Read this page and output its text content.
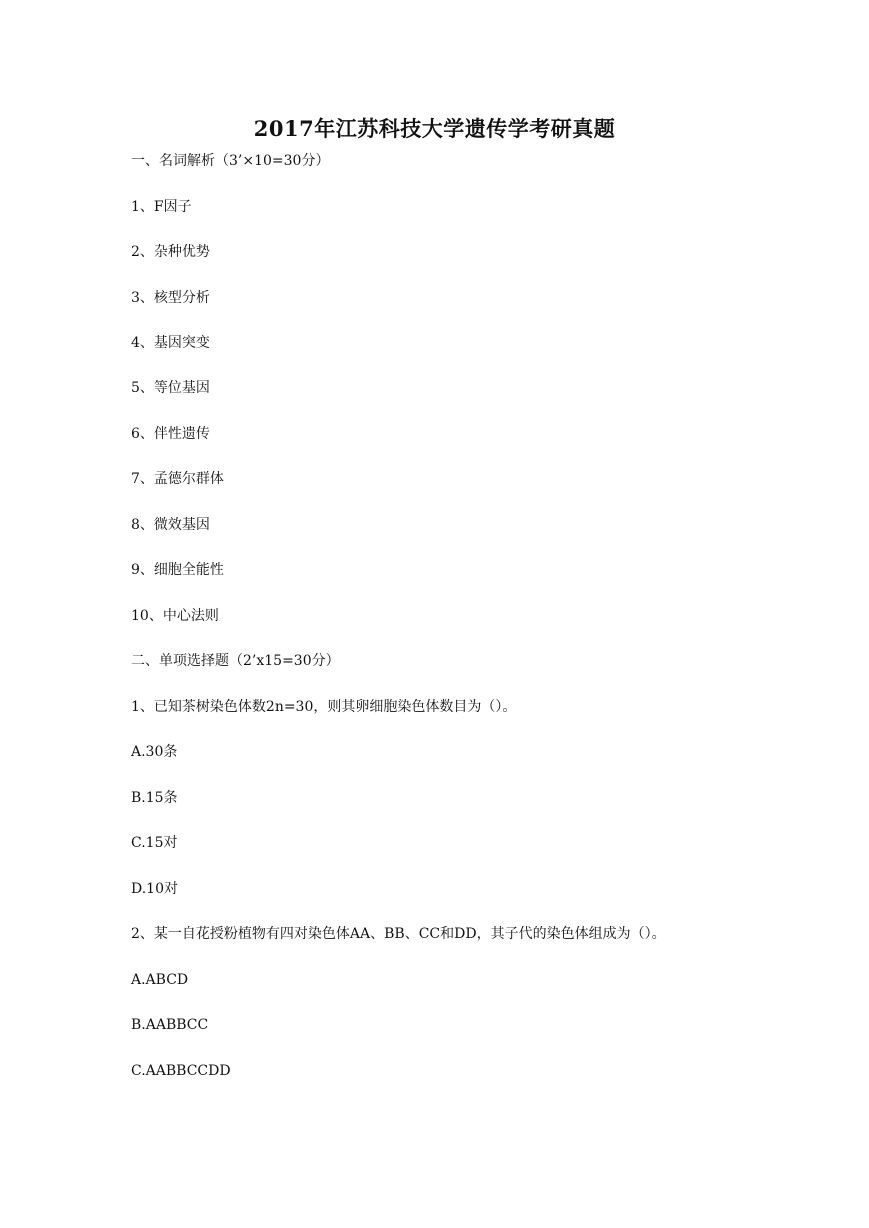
2017年江苏科技大学遗传学考研真题
一、名词解析（3’×10=30分）
1、F因子
2、杂种优势
3、核型分析
4、基因突变
5、等位基因
6、伴性遗传
7、孟德尔群体
8、微效基因
9、细胞全能性
10、中心法则
二、单项选择题（2’x15=30分）
1、已知茶树染色体数2n=30，则其卵细胞染色体数目为（）。
A.30条
B.15条
C.15对
D.10对
2、某一自花授粉植物有四对染色体AA、BB、CC和DD，其子代的染色体组成为（）。
A.ABCD
B.AABBCC
C.AABBCCDD
